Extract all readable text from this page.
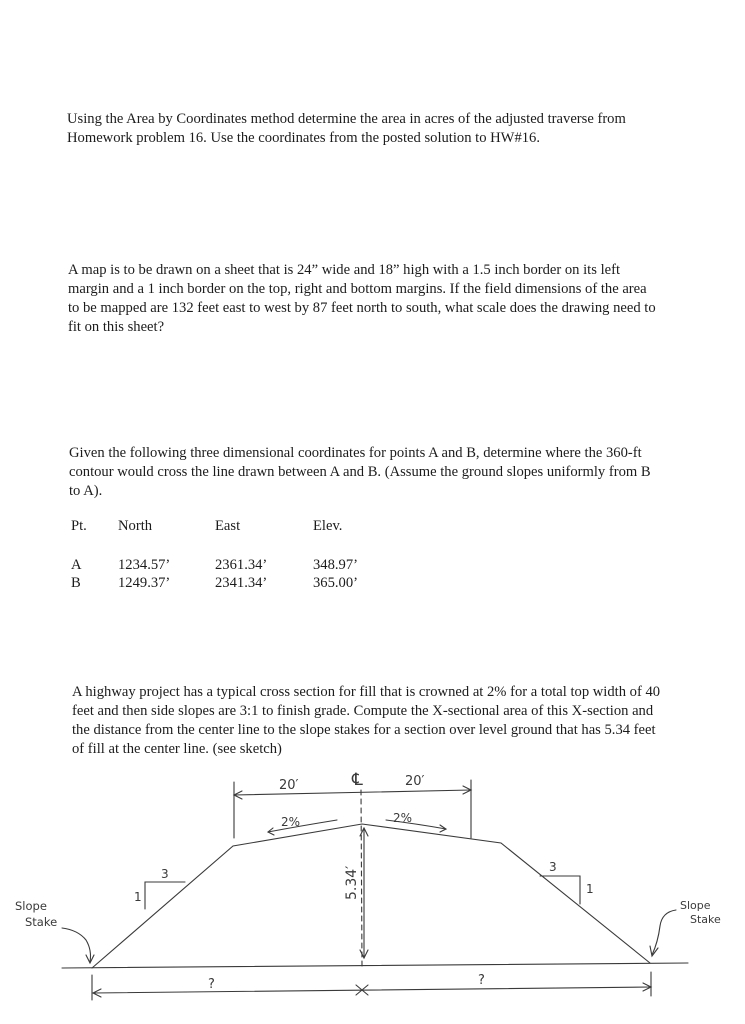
Using the Area by Coordinates method determine the area in acres of the adjusted traverse from Homework problem 16. Use the coordinates from the posted solution to HW#16.

A map is to be drawn on a sheet that is 24” wide and 18” high with a 1.5 inch border on its left margin and a 1 inch border on the top, right and bottom margins. If the field dimensions of the area to be mapped are 132 feet east to west by 87 feet north to south, what scale does the drawing need to fit on this sheet?

Given the following three dimensional coordinates for points A and B, determine where the 360-ft contour would cross the line drawn between A and B. (Assume the ground slopes uniformly from B to A).

Pt. North	East	Elev.
A 1234.57’	2361.34’	348.97’
B	1249.37’	2341.34’	365.00’

A highway project has a typical cross section for fill that is crowned at 2% for a total top width of 40 feet and then side slopes are 3:1 to finish grade. Compute the X-sectional area of this X-section and the distance from the center line to the slope stakes for a section over level ground that has 5.34 feet of fill at the center line. (see sketch)

20′	20′
℄
2%	2%
3
1
3
1
5.34′
?	?
Slope
Stake
Slope
Stake
